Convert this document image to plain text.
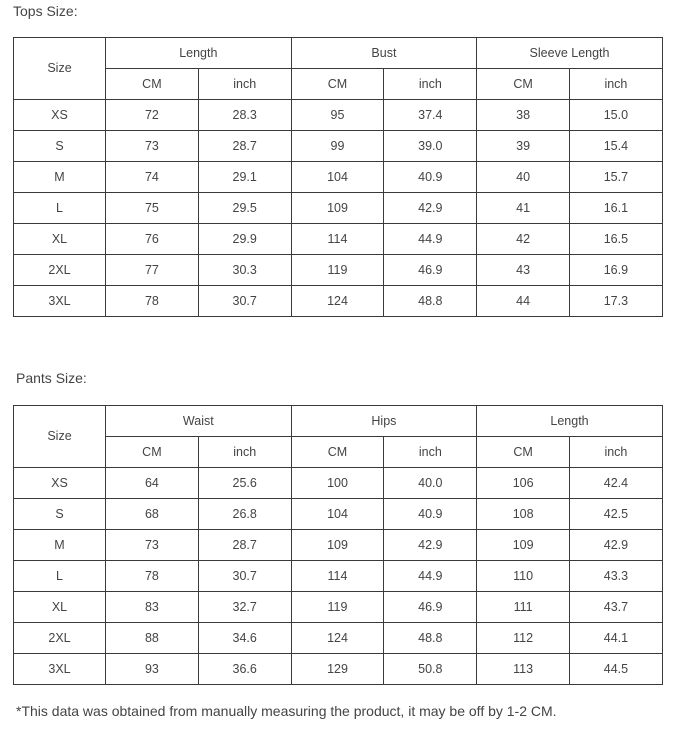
Tops Size:
Size	Length		Bust		Sleeve Length	
	CM	inch	CM	inch	CM	inch
XS	72	28.3	95	37.4	38	15.0
S	73	28.7	99	39.0	39	15.4
M	74	29.1	104	40.9	40	15.7
L	75	29.5	109	42.9	41	16.1
XL	76	29.9	114	44.9	42	16.5
2XL	77	30.3	119	46.9	43	16.9
3XL	78	30.7	124	48.8	44	17.3
Pants Size:
Size	Waist		Hips		Length	
	CM	inch	CM	inch	CM	inch
XS	64	25.6	100	40.0	106	42.4
S	68	26.8	104	40.9	108	42.5
M	73	28.7	109	42.9	109	42.9
L	78	30.7	114	44.9	110	43.3
XL	83	32.7	119	46.9	111	43.7
2XL	88	34.6	124	48.8	112	44.1
3XL	93	36.6	129	50.8	113	44.5
*This data was obtained from manually measuring the product, it may be off by 1-2 CM.
